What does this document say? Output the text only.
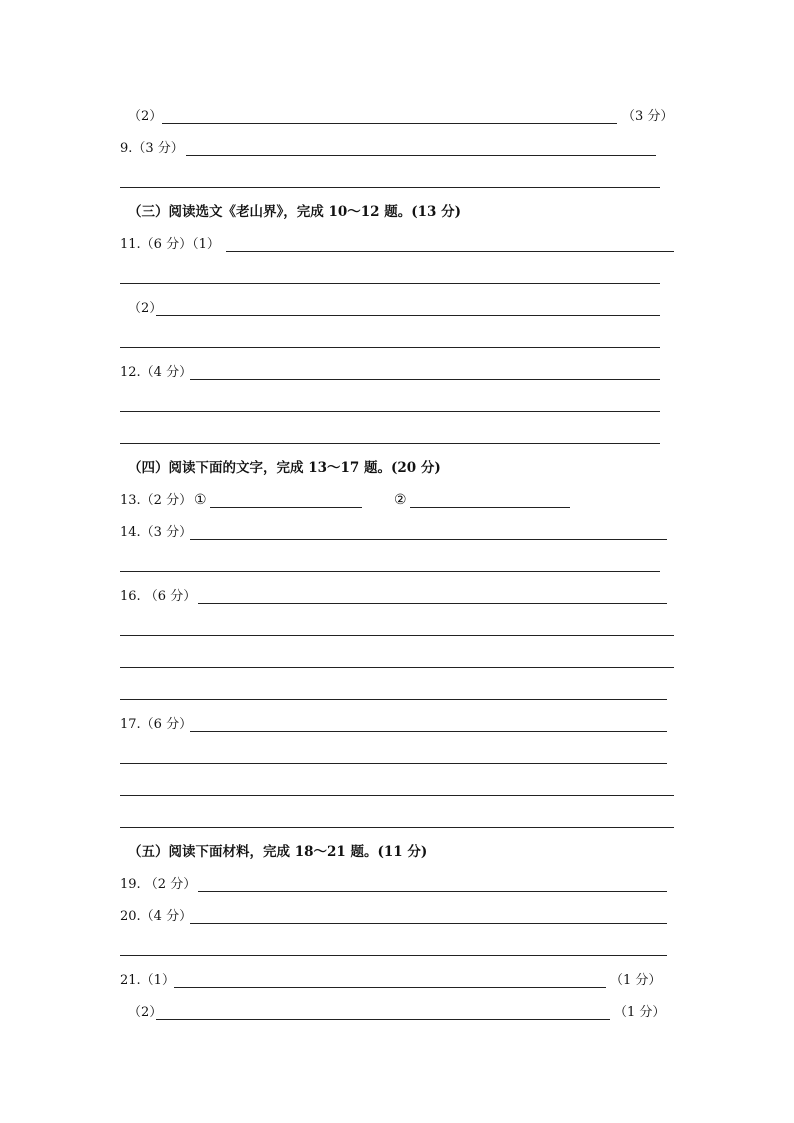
（2）	（3 分）
9.（3 分）
（三）阅读选文《老山界》，完成 10～12 题。(13 分)
11.（6 分）（1）
（2）
12.（4 分）
（四）阅读下面的文字，完成 13～17 题。(20 分)
13.（2 分） ①	②
14.（3 分）
16. （6 分）
17.（6 分）
（五）阅读下面材料，完成 18～21 题。(11 分)
19. （2 分）
20.（4 分）
21.（1）	（1 分）
（2）	（1 分）
